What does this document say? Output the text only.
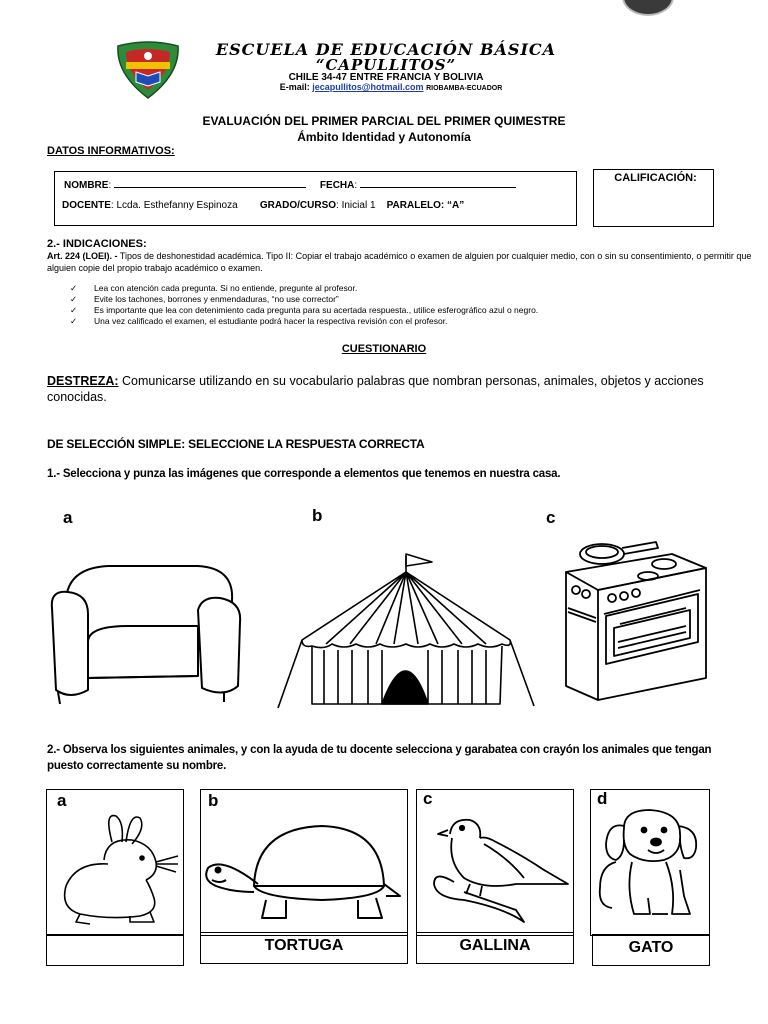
ESCUELA DE EDUCACIÓN BÁSICA
“CAPULLITOS”
CHILE 34-47 ENTRE FRANCIA Y BOLIVIA
E-mail: jecapullitos@hotmail.com RIOBAMBA-ECUADOR
EVALUACIÓN DEL PRIMER PARCIAL DEL PRIMER QUIMESTRE
Ámbito Identidad y Autonomía
DATOS INFORMATIVOS:
NOMBRE:	FECHA:
DOCENTE: Lcda. Esthefanny Espinoza GRADO/CURSO: Inicial 1 PARALELO: “A”
CALIFICACIÓN:
2.- INDICACIONES:
Art. 224 (LOEI). - Tipos de deshonestidad académica. Tipo II: Copiar el trabajo académico o examen de alguien por cualquier medio, con o sin su consentimiento, o permitir que alguien copie del propio trabajo académico o examen.
✓ Lea con atención cada pregunta. Si no entiende, pregunte al profesor.
✓ Evite los tachones, borrones y enmendaduras, “no use corrector”
✓ Es importante que lea con detenimiento cada pregunta para su acertada respuesta., utilice esferográfico azul o negro.
✓ Una vez calificado el examen, el estudiante podrá hacer la respectiva revisión con el profesor.
CUESTIONARIO
DESTREZA: Comunicarse utilizando en su vocabulario palabras que nombran personas, animales, objetos y acciones conocidas.
DE SELECCIÓN SIMPLE: SELECCIONE LA RESPUESTA CORRECTA
1.- Selecciona y punza las imágenes que corresponde a elementos que tenemos en nuestra casa.
a	b	c
2.- Observa los siguientes animales, y con la ayuda de tu docente selecciona y garabatea con crayón los animales que tengan puesto correctamente su nombre.
a	b
TORTUGA
c
GALLINA
d
GATO
